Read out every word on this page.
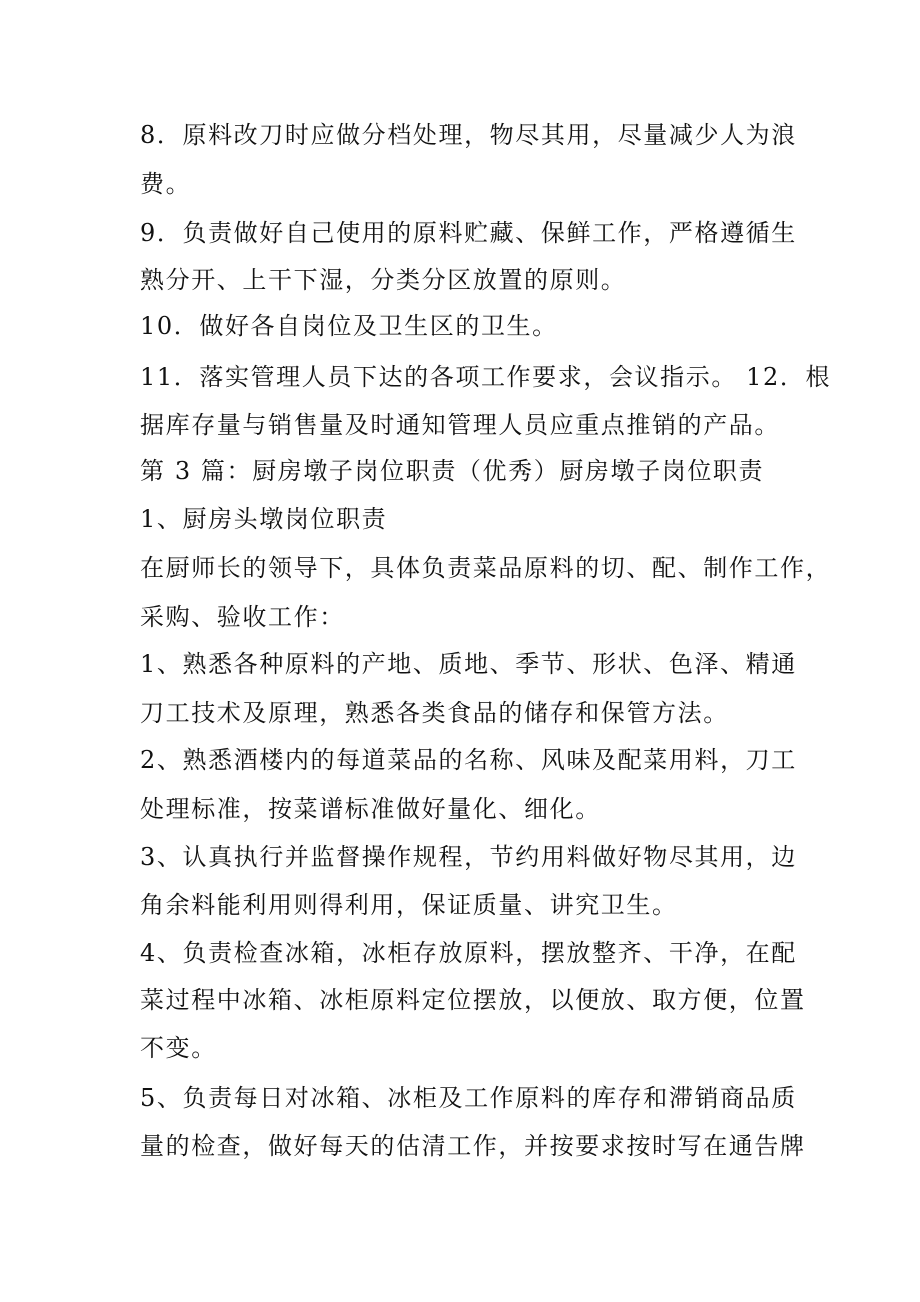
8．原料改刀时应做分档处理，物尽其用，尽量减少人为浪
费。
9．负责做好自己使用的原料贮藏、保鲜工作，严格遵循生
熟分开、上干下湿，分类分区放置的原则。
10．做好各自岗位及卫生区的卫生。
11．落实管理人员下达的各项工作要求，会议指示。 12．根
据库存量与销售量及时通知管理人员应重点推销的产品。
第 3 篇：厨房墩子岗位职责（优秀）厨房墩子岗位职责
1、厨房头墩岗位职责
在厨师长的领导下，具体负责菜品原料的切、配、制作工作，
采购、验收工作：
1、熟悉各种原料的产地、质地、季节、形状、色泽、精通
刀工技术及原理，熟悉各类食品的储存和保管方法。
2、熟悉酒楼内的每道菜品的名称、风味及配菜用料，刀工
处理标准，按菜谱标准做好量化、细化。
3、认真执行并监督操作规程，节约用料做好物尽其用，边
角余料能利用则得利用，保证质量、讲究卫生。
4、负责检查冰箱，冰柜存放原料，摆放整齐、干净，在配
菜过程中冰箱、冰柜原料定位摆放，以便放、取方便，位置
不变。
5、负责每日对冰箱、冰柜及工作原料的库存和滞销商品质
量的检查，做好每天的估清工作，并按要求按时写在通告牌
